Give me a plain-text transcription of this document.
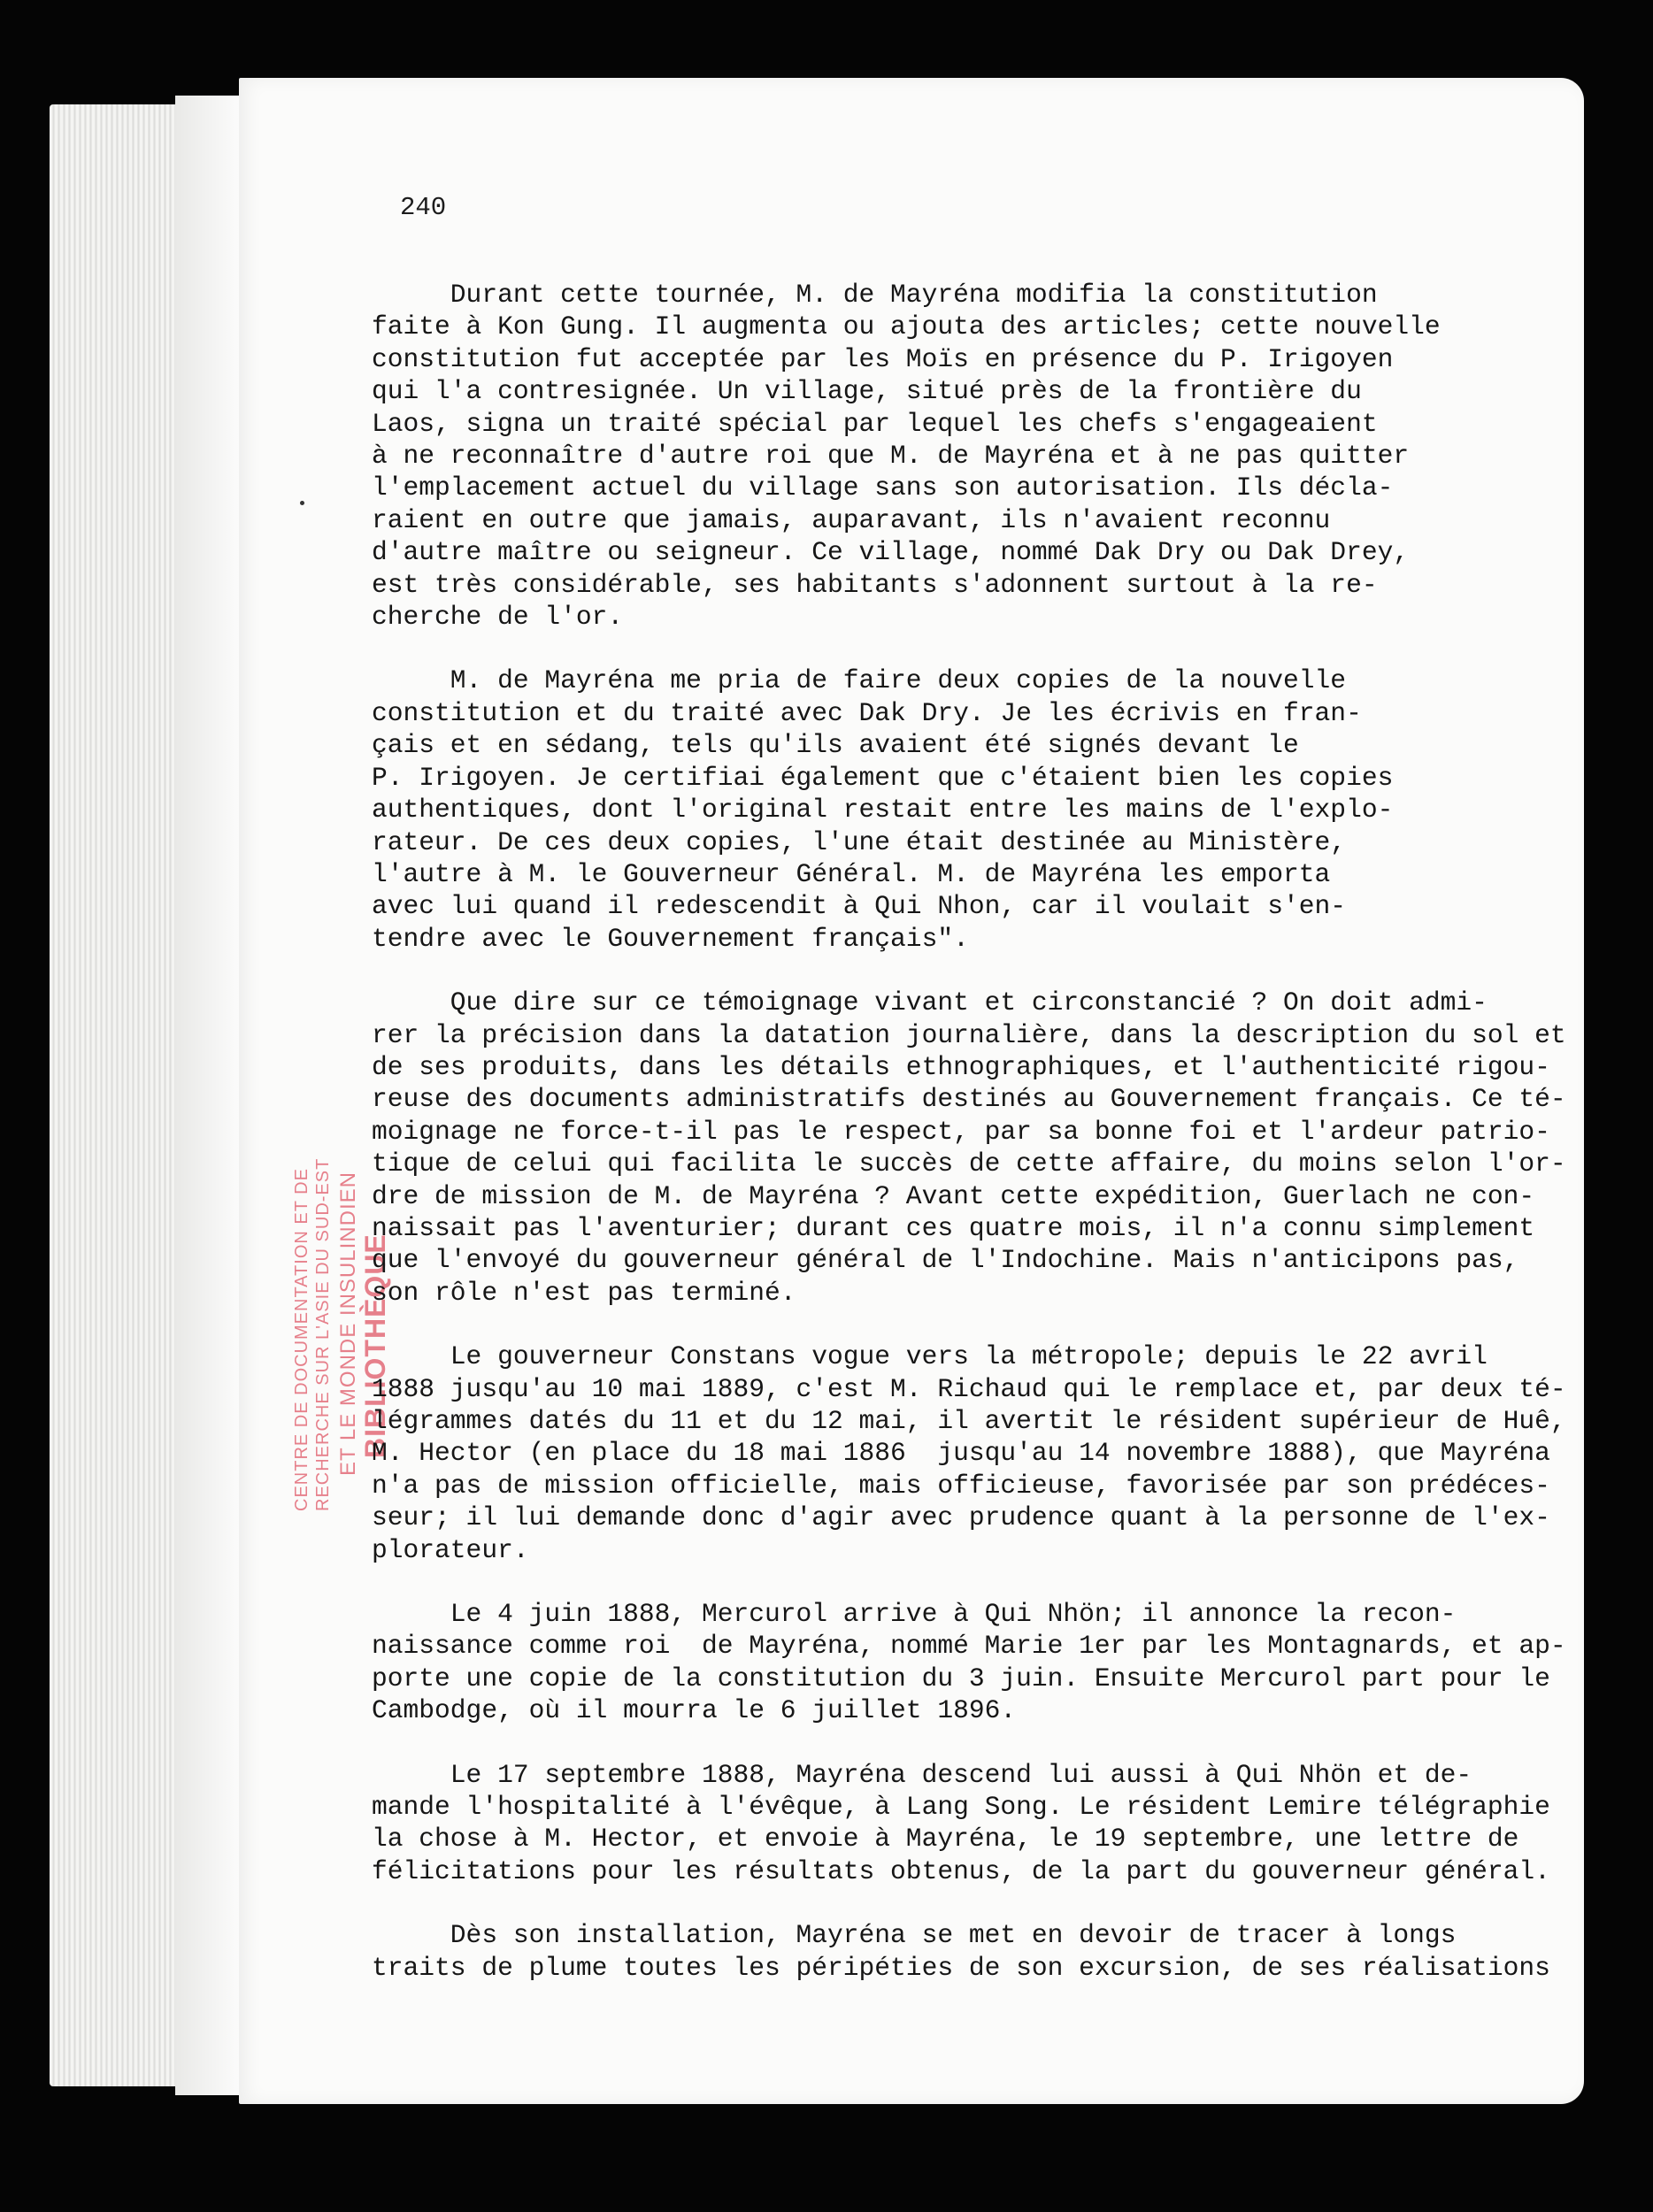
CENTRE DE DOCUMENTATION ET DE RECHERCHE SUR L'ASIE DU SUD-EST ET LE MONDE INSULINDIEN BIBLIOTHÈQUE
240

Durant cette tournée, M. de Mayréna modifia la constitution

faite à Kon Gung. Il augmenta ou ajouta des articles; cette nouvelle

constitution fut acceptée par les Moïs en présence du P. Irigoyen

qui l'a contresignée. Un village, situé près de la frontière du

Laos, signa un traité spécial par lequel les chefs s'engageaient

à ne reconnaître d'autre roi que M. de Mayréna et à ne pas quitter

l'emplacement actuel du village sans son autorisation. Ils décla-

raient en outre que jamais, auparavant, ils n'avaient reconnu

d'autre maître ou seigneur. Ce village, nommé Dak Dry ou Dak Drey,

est très considérable, ses habitants s'adonnent surtout à la re-

cherche de l'or.

M. de Mayréna me pria de faire deux copies de la nouvelle

constitution et du traité avec Dak Dry. Je les écrivis en fran-

çais et en sédang, tels qu'ils avaient été signés devant le

P. Irigoyen. Je certifiai également que c'étaient bien les copies

authentiques, dont l'original restait entre les mains de l'explo-

rateur. De ces deux copies, l'une était destinée au Ministère,

l'autre à M. le Gouverneur Général. M. de Mayréna les emporta

avec lui quand il redescendit à Qui Nhon, car il voulait s'en-

tendre avec le Gouvernement français".

Que dire sur ce témoignage vivant et circonstancié ? On doit admi-

rer la précision dans la datation journalière, dans la description du sol et

de ses produits, dans les détails ethnographiques, et l'authenticité rigou-

reuse des documents administratifs destinés au Gouvernement français. Ce té-

moignage ne force-t-il pas le respect, par sa bonne foi et l'ardeur patrio-

tique de celui qui facilita le succès de cette affaire, du moins selon l'or-

dre de mission de M. de Mayréna ? Avant cette expédition, Guerlach ne con-

naissait pas l'aventurier; durant ces quatre mois, il n'a connu simplement

que l'envoyé du gouverneur général de l'Indochine. Mais n'anticipons pas,

son rôle n'est pas terminé.

Le gouverneur Constans vogue vers la métropole; depuis le 22 avril

1888 jusqu'au 10 mai 1889, c'est M. Richaud qui le remplace et, par deux té-

légrammes datés du 11 et du 12 mai, il avertit le résident supérieur de Huê,

M. Hector (en place du 18 mai 1886  jusqu'au 14 novembre 1888), que Mayréna

n'a pas de mission officielle, mais officieuse, favorisée par son prédéces-

seur; il lui demande donc d'agir avec prudence quant à la personne de l'ex-

plorateur.

Le 4 juin 1888, Mercurol arrive à Qui Nhön; il annonce la recon-

naissance comme roi  de Mayréna, nommé Marie 1er par les Montagnards, et ap-

porte une copie de la constitution du 3 juin. Ensuite Mercurol part pour le

Cambodge, où il mourra le 6 juillet 1896.

Le 17 septembre 1888, Mayréna descend lui aussi à Qui Nhön et de-

mande l'hospitalité à l'évêque, à Lang Song. Le résident Lemire télégraphie

la chose à M. Hector, et envoie à Mayréna, le 19 septembre, une lettre de

félicitations pour les résultats obtenus, de la part du gouverneur général.

Dès son installation, Mayréna se met en devoir de tracer à longs

traits de plume toutes les péripéties de son excursion, de ses réalisations
